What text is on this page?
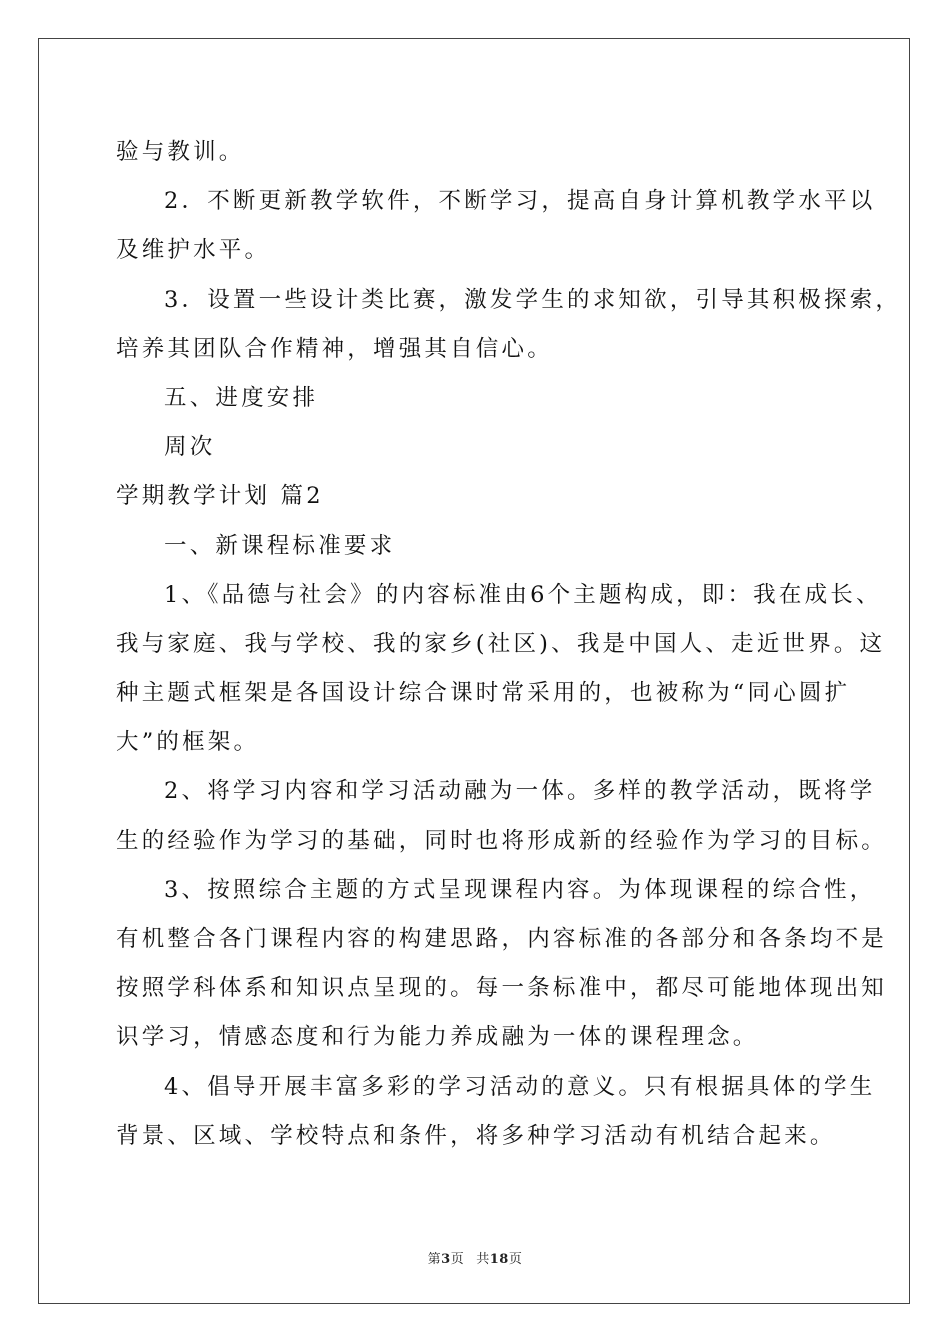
验与教训。
2．不断更新教学软件，不断学习，提高自身计算机教学水平以
及维护水平。
3．设置一些设计类比赛，激发学生的求知欲，引导其积极探索，
培养其团队合作精神，增强其自信心。
五、进度安排
周次
学期教学计划 篇2
一、新课程标准要求
1、《品德与社会》的内容标准由6个主题构成，即：我在成长、
我与家庭、我与学校、我的家乡(社区)、我是中国人、走近世界。这
种主题式框架是各国设计综合课时常采用的，也被称为“同心圆扩
大”的框架。
2、将学习内容和学习活动融为一体。多样的教学活动，既将学
生的经验作为学习的基础，同时也将形成新的经验作为学习的目标。
3、按照综合主题的方式呈现课程内容。为体现课程的综合性，
有机整合各门课程内容的构建思路，内容标准的各部分和各条均不是
按照学科体系和知识点呈现的。每一条标准中，都尽可能地体现出知
识学习，情感态度和行为能力养成融为一体的课程理念。
4、倡导开展丰富多彩的学习活动的意义。只有根据具体的学生
背景、区域、学校特点和条件，将多种学习活动有机结合起来。
第3页 共18页
